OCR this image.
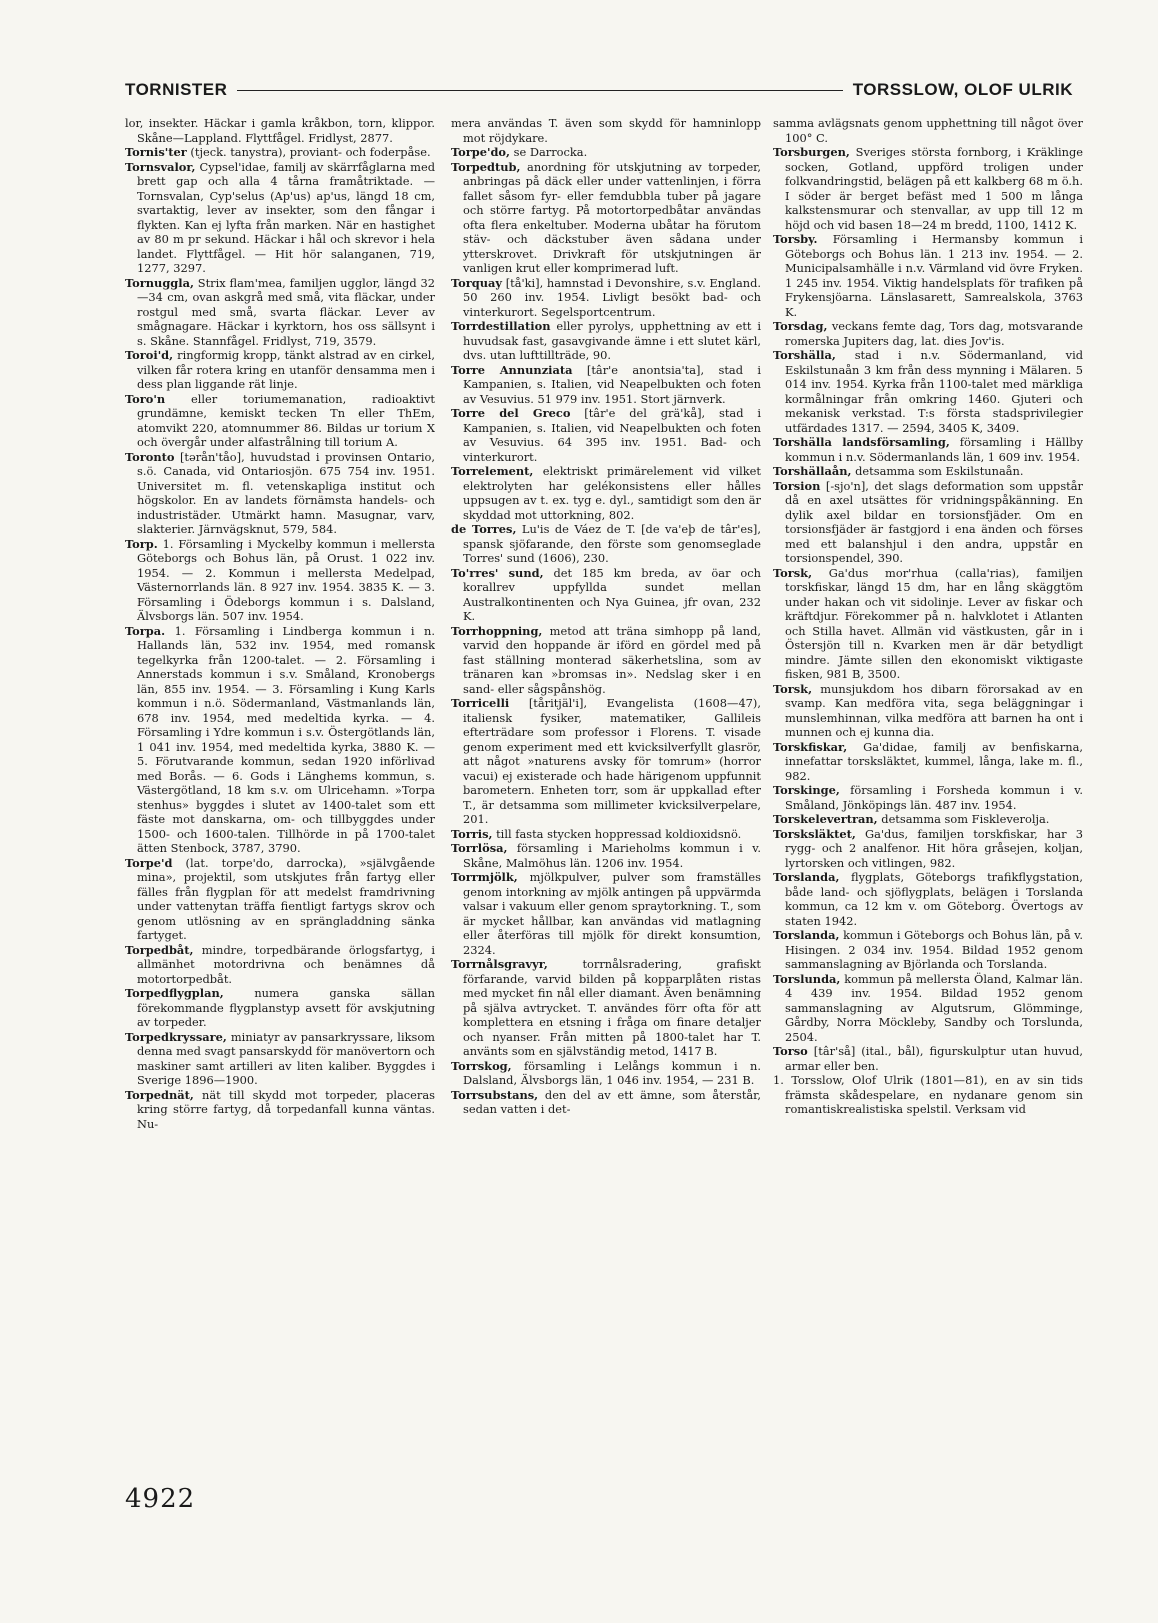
TORNISTER	TORSSLOW, OLOF ULRIK

lor, insekter. Häckar i gamla kråkbon, torn, klippor. Skåne—Lappland. Flyttfågel. Fridlyst, 2877.

Tornis'ter (tjeck. tanystra), proviant- och foderpåse.

Tornsvalor, Cypsel'idae, familj av skärrfåglarna med brett gap och alla 4 tårna framåtriktade. — Tornsvalan, Cyp'selus (Ap'us) ap'us, längd 18 cm, svartaktig, lever av insekter, som den fångar i flykten. Kan ej lyfta från marken. När en hastighet av 80 m pr sekund. Häckar i hål och skrevor i hela landet. Flyttfågel. — Hit hör salanganen, 719, 1277, 3297.

Tornuggla, Strix flam'mea, familjen ugglor, längd 32—34 cm, ovan askgrå med små, vita fläckar, under rostgul med små, svarta fläckar. Lever av smågnagare. Häckar i kyrktorn, hos oss sällsynt i s. Skåne. Stannfågel. Fridlyst, 719, 3579.

Toroi'd, ringformig kropp, tänkt alstrad av en cirkel, vilken får rotera kring en utanför densamma men i dess plan liggande rät linje.

Toro'n eller toriumemanation, radioaktivt grundämne, kemiskt tecken Tn eller ThEm, atomvikt 220, atomnummer 86. Bildas ur torium X och övergår under alfastrålning till torium A.

Toronto [tərån'tåo], huvudstad i provinsen Ontario, s.ö. Canada, vid Ontariosjön. 675 754 inv. 1951. Universitet m. fl. vetenskapliga institut och högskolor. En av landets förnämsta handels- och industristäder. Utmärkt hamn. Masugnar, varv, slakterier. Järnvägsknut, 579, 584.

Torp. 1. Församling i Myckelby kommun i mellersta Göteborgs och Bohus län, på Orust. 1 022 inv. 1954. — 2. Kommun i mellersta Medelpad, Västernorrlands län. 8 927 inv. 1954. 3835 K. — 3. Församling i Ödeborgs kommun i s. Dalsland, Älvsborgs län. 507 inv. 1954.

Torpa. 1. Församling i Lindberga kommun i n. Hallands län, 532 inv. 1954, med romansk tegelkyrka från 1200-talet. — 2. Församling i Annerstads kommun i s.v. Småland, Kronobergs län, 855 inv. 1954. — 3. Församling i Kung Karls kommun i n.ö. Södermanland, Västmanlands län, 678 inv. 1954, med medeltida kyrka. — 4. Församling i Ydre kommun i s.v. Östergötlands län, 1 041 inv. 1954, med medeltida kyrka, 3880 K. — 5. Förutvarande kommun, sedan 1920 införlivad med Borås. — 6. Gods i Länghems kommun, s. Västergötland, 18 km s.v. om Ulricehamn. »Torpa stenhus» byggdes i slutet av 1400-talet som ett fäste mot danskarna, om- och tillbyggdes under 1500- och 1600-talen. Tillhörde in på 1700-talet ätten Stenbock, 3787, 3790.

Torpe'd (lat. torpe'do, darrocka), »självgående mina», projektil, som utskjutes från fartyg eller fälles från flygplan för att medelst framdrivning under vattenytan träffa fientligt fartygs skrov och genom utlösning av en sprängladdning sänka fartyget.

Torpedbåt, mindre, torpedbärande örlogsfartyg, i allmänhet motordrivna och benämnes då motortorpedbåt.

Torpedflygplan, numera ganska sällan förekommande flygplanstyp avsett för avskjutning av torpeder.

Torpedkryssare, miniatyr av pansarkryssare, liksom denna med svagt pansarskydd för manövertorn och maskiner samt artilleri av liten kaliber. Byggdes i Sverige 1896—1900.

Torpednät, nät till skydd mot torpeder, placeras kring större fartyg, då torpedanfall kunna väntas. Nu-

mera användas T. även som skydd för hamninlopp mot röjdykare.

Torpe'do, se Darrocka.

Torpedtub, anordning för utskjutning av torpeder, anbringas på däck eller under vattenlinjen, i förra fallet såsom fyr- eller femdubbla tuber på jagare och större fartyg. På motortorpedbåtar användas ofta flera enkeltuber. Moderna ubåtar ha förutom stäv- och däckstuber även sådana under ytterskrovet. Drivkraft för utskjutningen är vanligen krut eller komprimerad luft.

Torquay [tå'ki], hamnstad i Devonshire, s.v. England. 50 260 inv. 1954. Livligt besökt bad- och vinterkurort. Segelsportcentrum.

Torrdestillation eller pyrolys, upphettning av ett i huvudsak fast, gasavgivande ämne i ett slutet kärl, dvs. utan lufttillträde, 90.

Torre Annunziata [târ'e anontsia'ta], stad i Kampanien, s. Italien, vid Neapelbukten och foten av Vesuvius. 51 979 inv. 1951. Stort järnverk.

Torre del Greco [târ'e del grä'kå], stad i Kampanien, s. Italien, vid Neapelbukten och foten av Vesuvius. 64 395 inv. 1951. Bad- och vinterkurort.

Torrelement, elektriskt primärelement vid vilket elektrolyten har gelékonsistens eller hålles uppsugen av t. ex. tyg e. dyl., samtidigt som den är skyddad mot uttorkning, 802.

de Torres, Lu'is de Váez de T. [de va'eþ de târ'es], spansk sjöfarande, den förste som genomseglade Torres' sund (1606), 230.

To'rres' sund, det 185 km breda, av öar och korallrev uppfyllda sundet mellan Australkontinenten och Nya Guinea, jfr ovan, 232 K.

Torrhoppning, metod att träna simhopp på land, varvid den hoppande är iförd en gördel med på fast ställning monterad säkerhetslina, som av tränaren kan »bromsas in». Nedslag sker i en sand- eller sågspånshög.

Torricelli [tåritjäl'i], Evangelista (1608—47), italiensk fysiker, matematiker, Gallileis efterträdare som professor i Florens. T. visade genom experiment med ett kvicksilverfyllt glasrör, att något »naturens avsky för tomrum» (horror vacui) ej existerade och hade härigenom uppfunnit barometern. Enheten torr, som är uppkallad efter T., är detsamma som millimeter kvicksilverpelare, 201.

Torris, till fasta stycken hoppressad koldioxidsnö.

Torrlösa, församling i Marieholms kommun i v. Skåne, Malmöhus län. 1206 inv. 1954.

Torrmjölk, mjölkpulver, pulver som framställes genom intorkning av mjölk antingen på uppvärmda valsar i vakuum eller genom spraytorkning. T., som är mycket hållbar, kan användas vid matlagning eller återföras till mjölk för direkt konsumtion, 2324.

Torrnålsgravyr, torrnålsradering, grafiskt förfarande, varvid bilden på kopparplåten ristas med mycket fin nål eller diamant. Även benämning på själva avtrycket. T. användes förr ofta för att komplettera en etsning i fråga om finare detaljer och nyanser. Från mitten på 1800-talet har T. använts som en självständig metod, 1417 B.

Torrskog, församling i Lelångs kommun i n. Dalsland, Älvsborgs län, 1 046 inv. 1954, — 231 B.

Torrsubstans, den del av ett ämne, som återstår, sedan vatten i det-

samma avlägsnats genom upphettning till något över 100° C.

Torsburgen, Sveriges största fornborg, i Kräklinge socken, Gotland, uppförd troligen under folkvandringstid, belägen på ett kalkberg 68 m ö.h. I söder är berget befäst med 1 500 m långa kalkstensmurar och stenvallar, av upp till 12 m höjd och vid basen 18—24 m bredd, 1100, 1412 K.

Torsby. Församling i Hermansby kommun i Göteborgs och Bohus län. 1 213 inv. 1954. — 2. Municipalsamhälle i n.v. Värmland vid övre Fryken. 1 245 inv. 1954. Viktig handelsplats för trafiken på Frykensjöarna. Länslasarett, Samrealskola, 3763 K.

Torsdag, veckans femte dag, Tors dag, motsvarande romerska Jupiters dag, lat. dies Jov'is.

Torshälla, stad i n.v. Södermanland, vid Eskilstunaån 3 km från dess mynning i Mälaren. 5 014 inv. 1954. Kyrka från 1100-talet med märkliga kormålningar från omkring 1460. Gjuteri och mekanisk verkstad. T:s första stadsprivilegier utfärdades 1317. — 2594, 3405 K, 3409.

Torshälla landsförsamling, församling i Hällby kommun i n.v. Södermanlands län, 1 609 inv. 1954.

Torshällaån, detsamma som Eskilstunaån.

Torsion [-sjo'n], det slags deformation som uppstår då en axel utsättes för vridningspåkänning. En dylik axel bildar en torsionsfjäder. Om en torsionsfjäder är fastgjord i ena änden och förses med ett balanshjul i den andra, uppstår en torsionspendel, 390.

Torsk, Ga'dus mor'rhua (calla'rias), familjen torskfiskar, längd 15 dm, har en lång skäggtöm under hakan och vit sidolinje. Lever av fiskar och kräftdjur. Förekommer på n. halvklotet i Atlanten och Stilla havet. Allmän vid västkusten, går in i Östersjön till n. Kvarken men är där betydligt mindre. Jämte sillen den ekonomiskt viktigaste fisken, 981 B, 3500.

Torsk, munsjukdom hos dibarn förorsakad av en svamp. Kan medföra vita, sega beläggningar i munslemhinnan, vilka medföra att barnen ha ont i munnen och ej kunna dia.

Torskfiskar, Ga'didae, familj av benfiskarna, innefattar torsksläktet, kummel, långa, lake m. fl., 982.

Torskinge, församling i Forsheda kommun i v. Småland, Jönköpings län. 487 inv. 1954.

Torskelevertran, detsamma som Fiskleverolja.

Torsksläktet, Ga'dus, familjen torskfiskar, har 3 rygg- och 2 analfenor. Hit höra gråsejen, koljan, lyrtorsken och vitlingen, 982.

Torslanda, flygplats, Göteborgs trafikflygstation, både land- och sjöflygplats, belägen i Torslanda kommun, ca 12 km v. om Göteborg. Övertogs av staten 1942.

Torslanda, kommun i Göteborgs och Bohus län, på v. Hisingen. 2 034 inv. 1954. Bildad 1952 genom sammanslagning av Björlanda och Torslanda.

Torslunda, kommun på mellersta Öland, Kalmar län. 4 439 inv. 1954. Bildad 1952 genom sammanslagning av Algutsrum, Glömminge, Gårdby, Norra Möckleby, Sandby och Torslunda, 2504.

Torso [târ'så] (ital., bål), figurskulptur utan huvud, armar eller ben.

1. Torsslow, Olof Ulrik (1801—81), en av sin tids främsta skådespelare, en nydanare genom sin romantiskrealistiska spelstil. Verksam vid

4922
